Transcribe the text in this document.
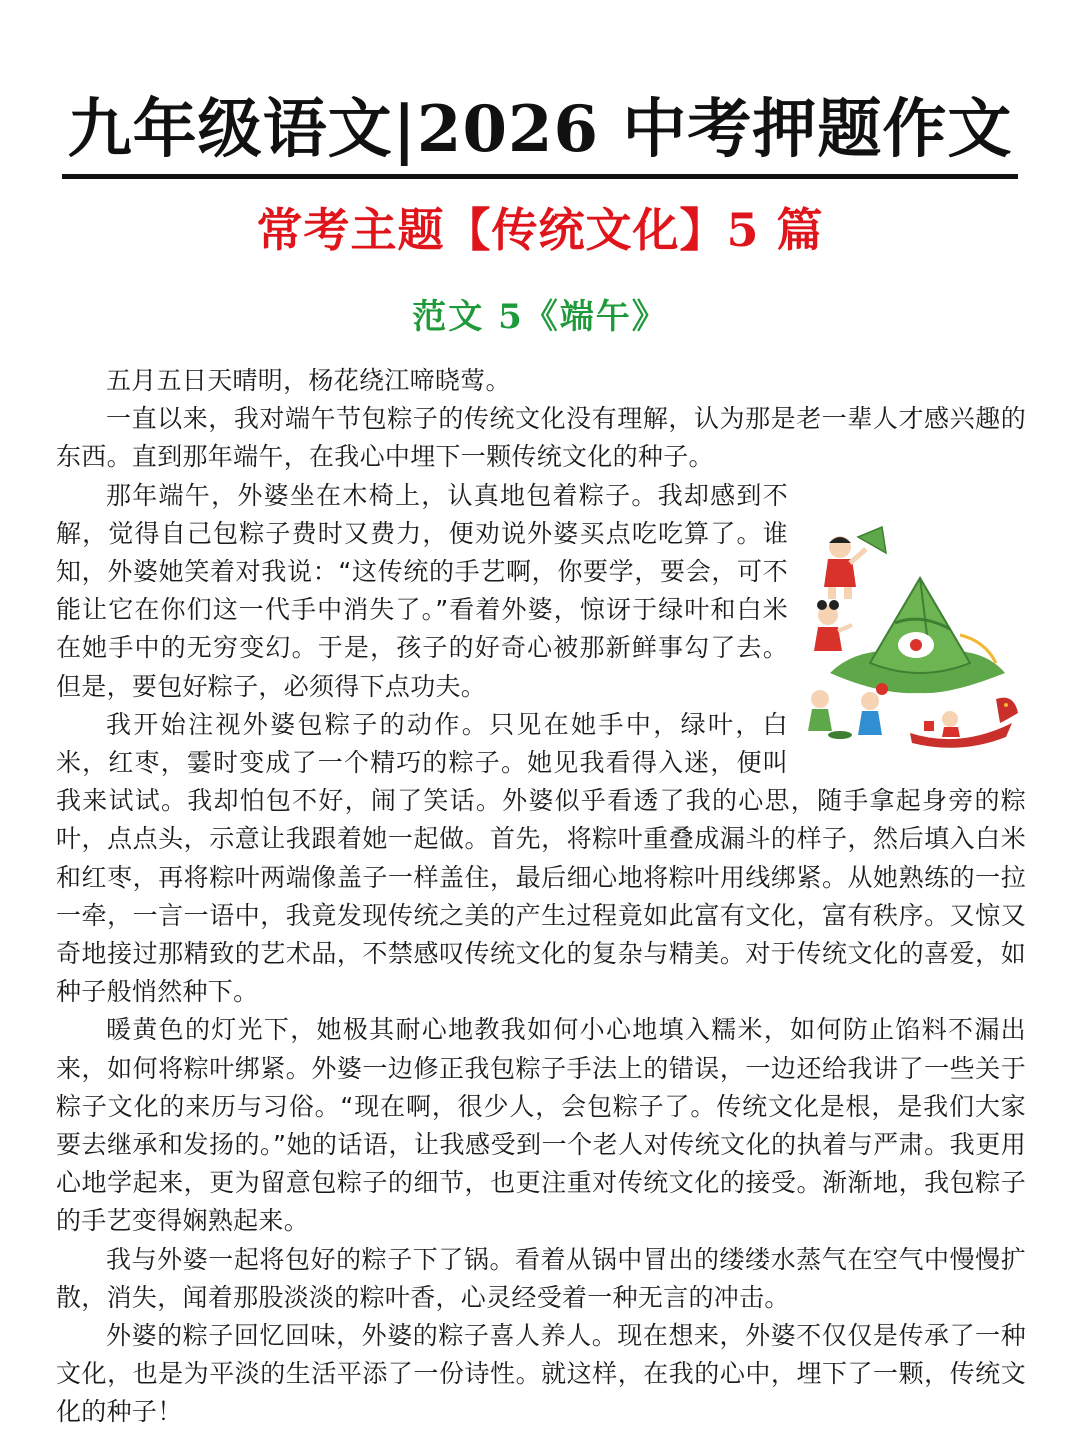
九年级语文|2026 中考押题作文
常考主题【传统文化】5 篇
范文 5《端午》

五月五日天晴明，杨花绕江啼晓莺。

一直以来，我对端午节包粽子的传统文化没有理解，认为那是老一辈人才感兴趣的东西。直到那年端午，在我心中埋下一颗传统文化的种子。

那年端午，外婆坐在木椅上，认真地包着粽子。我却感到不解，觉得自己包粽子费时又费力，便劝说外婆买点吃吃算了。谁知，外婆她笑着对我说：“这传统的手艺啊，你要学，要会，可不能让它在你们这一代手中消失了。”看着外婆，惊讶于绿叶和白米在她手中的无穷变幻。于是，孩子的好奇心被那新鲜事勾了去。但是，要包好粽子，必须得下点功夫。

我开始注视外婆包粽子的动作。只见在她手中，绿叶，白米，红枣，霎时变成了一个精巧的粽子。她见我看得入迷，便叫我来试试。我却怕包不好，闹了笑话。外婆似乎看透了我的心思，随手拿起身旁的粽叶，点点头，示意让我跟着她一起做。首先，将粽叶重叠成漏斗的样子，然后填入白米和红枣，再将粽叶两端像盖子一样盖住，最后细心地将粽叶用线绑紧。从她熟练的一拉一牵，一言一语中，我竟发现传统之美的产生过程竟如此富有文化，富有秩序。又惊又奇地接过那精致的艺术品，不禁感叹传统文化的复杂与精美。对于传统文化的喜爱，如种子般悄然种下。

暖黄色的灯光下，她极其耐心地教我如何小心地填入糯米，如何防止馅料不漏出来，如何将粽叶绑紧。外婆一边修正我包粽子手法上的错误，一边还给我讲了一些关于粽子文化的来历与习俗。“现在啊，很少人，会包粽子了。传统文化是根，是我们大家要去继承和发扬的。”她的话语，让我感受到一个老人对传统文化的执着与严肃。我更用心地学起来，更为留意包粽子的细节，也更注重对传统文化的接受。渐渐地，我包粽子的手艺变得娴熟起来。

我与外婆一起将包好的粽子下了锅。看着从锅中冒出的缕缕水蒸气在空气中慢慢扩散，消失，闻着那股淡淡的粽叶香，心灵经受着一种无言的冲击。

外婆的粽子回忆回味，外婆的粽子喜人养人。现在想来，外婆不仅仅是传承了一种文化，也是为平淡的生活平添了一份诗性。就这样，在我的心中，埋下了一颗，传统文化的种子！
